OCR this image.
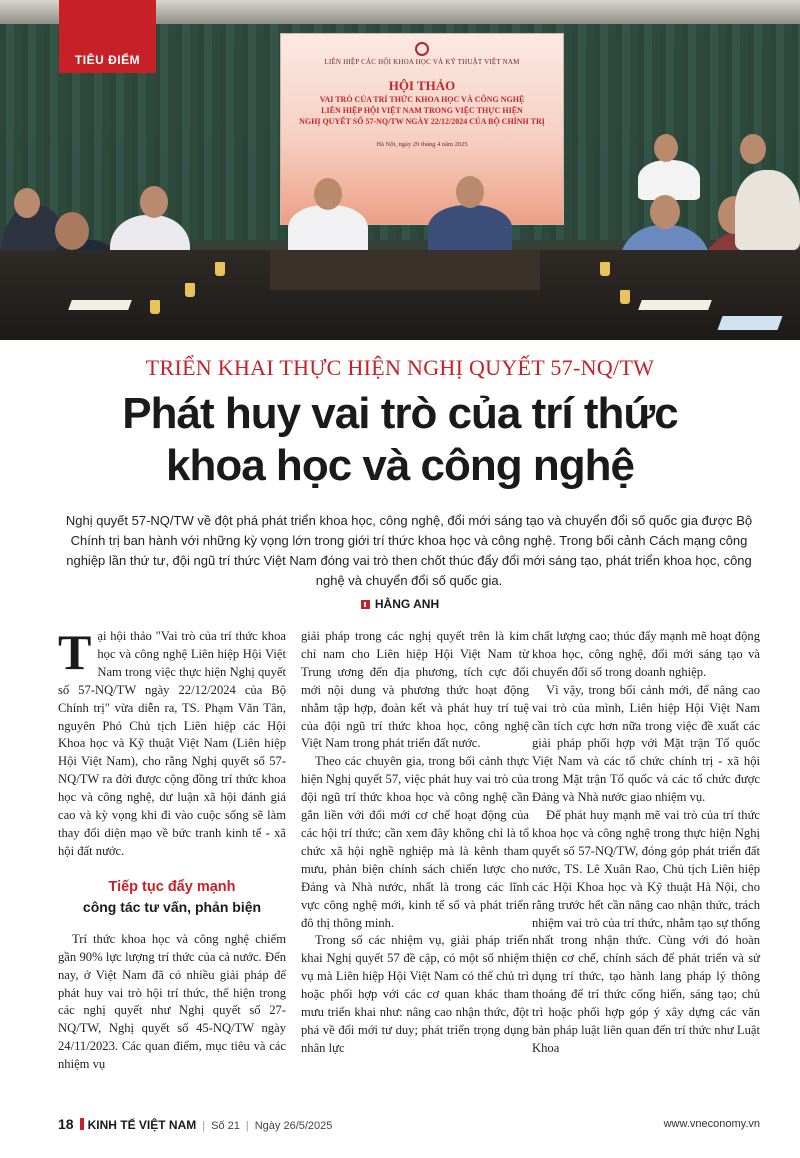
LIÊN HIỆP CÁC HỘI KHOA HỌC VÀ KỸ THUẬT VIỆT NAM
HỘI THẢO
VAI TRÒ CỦA TRÍ THỨC KHOA HỌC VÀ CÔNG NGHỆ
LIÊN HIỆP HỘI VIỆT NAM TRONG VIỆC THỰC HIỆN
NGHỊ QUYẾT SỐ 57-NQ/TW NGÀY 22/12/2024 CỦA BỘ CHÍNH TRỊ
Hà Nội, ngày 29 tháng 4 năm 2025
TIÊU ĐIỂM
TRIỂN KHAI THỰC HIỆN NGHỊ QUYẾT 57-NQ/TW
Phát huy vai trò của trí thức
khoa học và công nghệ
Nghị quyết 57-NQ/TW về đột phá phát triển khoa học, công nghệ, đổi mới sáng tạo và chuyển đổi số quốc gia được Bộ Chính trị ban hành với những kỳ vọng lớn trong giới trí thức khoa học và công nghệ. Trong bối cảnh Cách mạng công nghiệp lần thứ tư, đội ngũ trí thức Việt Nam đóng vai trò then chốt thúc đẩy đổi mới sáng tạo, phát triển khoa học, công nghệ và chuyển đổi số quốc gia.
HẰNG ANH

Tại hội thảo "Vai trò của trí thức khoa học và công nghệ Liên hiệp Hội Việt Nam trong việc thực hiện Nghị quyết số 57-NQ/TW ngày 22/12/2024 của Bộ Chính trị" vừa diễn ra, TS. Phạm Văn Tân, nguyên Phó Chủ tịch Liên hiệp các Hội Khoa học và Kỹ thuật Việt Nam (Liên hiệp Hội Việt Nam), cho rằng Nghị quyết số 57-NQ/TW ra đời được cộng đồng trí thức khoa học và công nghệ, dư luận xã hội đánh giá cao và kỳ vọng khi đi vào cuộc sống sẽ làm thay đổi diện mạo về bức tranh kinh tế - xã hội đất nước.

Tiếp tục đẩy mạnh
công tác tư vấn, phản biện

Trí thức khoa học và công nghệ chiếm gần 90% lực lượng trí thức của cả nước. Đến nay, ở Việt Nam đã có nhiều giải pháp để phát huy vai trò hội trí thức, thể hiện trong các nghị quyết như Nghị quyết số 27-NQ/TW, Nghị quyết số 45-NQ/TW ngày 24/11/2023. Các quan điểm, mục tiêu và các nhiệm vụ

giải pháp trong các nghị quyết trên là kim chỉ nam cho Liên hiệp Hội Việt Nam từ Trung ương đến địa phương, tích cực đổi mới nội dung và phương thức hoạt động nhằm tập hợp, đoàn kết và phát huy trí tuệ của đội ngũ trí thức khoa học, công nghệ Việt Nam trong phát triển đất nước.

Theo các chuyên gia, trong bối cảnh thực hiện Nghị quyết 57, việc phát huy vai trò của đội ngũ trí thức khoa học và công nghệ cần gắn liền với đổi mới cơ chế hoạt động của các hội trí thức; cần xem đây không chỉ là tổ chức xã hội nghề nghiệp mà là kênh tham mưu, phản biện chính sách chiến lược cho Đảng và Nhà nước, nhất là trong các lĩnh vực công nghệ mới, kinh tế số và phát triển đô thị thông minh.

Trong số các nhiệm vụ, giải pháp triển khai Nghị quyết 57 đề cập, có một số nhiệm vụ mà Liên hiệp Hội Việt Nam có thể chủ trì hoặc phối hợp với các cơ quan khác tham mưu triển khai như: nâng cao nhận thức, đột phá về đổi mới tư duy; phát triển trọng dụng nhân lực

chất lượng cao; thúc đẩy mạnh mẽ hoạt động khoa học, công nghệ, đổi mới sáng tạo và chuyển đổi số trong doanh nghiệp.

Vì vậy, trong bối cảnh mới, để nâng cao vai trò của mình, Liên hiệp Hội Việt Nam cần tích cực hơn nữa trong việc đề xuất các giải pháp phối hợp với Mặt trận Tổ quốc Việt Nam và các tổ chức chính trị - xã hội trong Mặt trận Tổ quốc và các tổ chức được Đảng và Nhà nước giao nhiệm vụ.

Để phát huy mạnh mẽ vai trò của trí thức khoa học và công nghệ trong thực hiện Nghị quyết số 57-NQ/TW, đóng góp phát triển đất nước, TS. Lê Xuân Rao, Chủ tịch Liên hiệp các Hội Khoa học và Kỹ thuật Hà Nội, cho rằng trước hết cần nâng cao nhận thức, trách nhiệm vai trò của trí thức, nhằm tạo sự thống nhất trong nhận thức. Cùng với đó hoàn thiện cơ chế, chính sách để phát triển và sử dụng trí thức, tạo hành lang pháp lý thông thoáng để trí thức cống hiến, sáng tạo; chủ trì hoặc phối hợp góp ý xây dựng các văn bản pháp luật liên quan đến trí thức như Luật Khoa

18 KINH TẾ VIỆT NAM | Số 21 | Ngày 26/5/2025	www.vneconomy.vn
